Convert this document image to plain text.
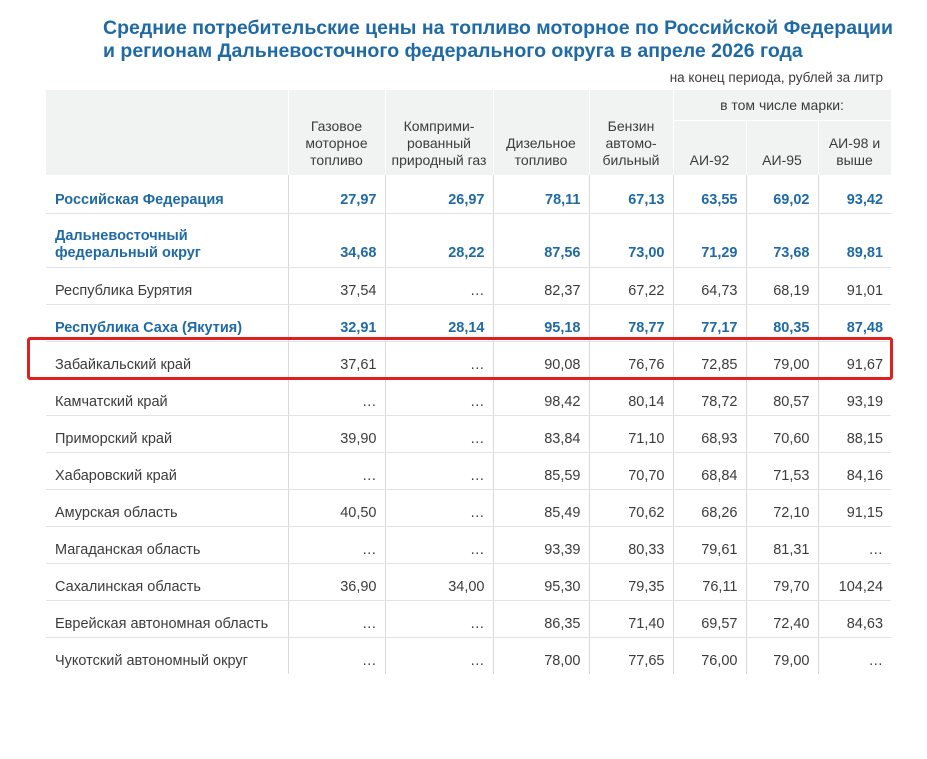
Средние потребительские цены на топливо моторное по Российской Федерации
и регионам Дальневосточного федерального округа в апреле 2026 года
на конец периода, рублей за литр
	Газовое моторное топливо	Комприми-рованный природный газ	Дизельное топливо	Бензин автомо-бильный	в том числе марки:		
					АИ-92	АИ-95	АИ-98 и выше
Российская Федерация	27,97	26,97	78,11	67,13	63,55	69,02	93,42
Дальневосточный федеральный округ	34,68	28,22	87,56	73,00	71,29	73,68	89,81
Республика Бурятия	37,54	…	82,37	67,22	64,73	68,19	91,01
Республика Саха (Якутия)	32,91	28,14	95,18	78,77	77,17	80,35	87,48
Забайкальский край	37,61	…	90,08	76,76	72,85	79,00	91,67
Камчатский край	…	…	98,42	80,14	78,72	80,57	93,19
Приморский край	39,90	…	83,84	71,10	68,93	70,60	88,15
Хабаровский край	…	…	85,59	70,70	68,84	71,53	84,16
Амурская область	40,50	…	85,49	70,62	68,26	72,10	91,15
Магаданская область	…	…	93,39	80,33	79,61	81,31	…
Сахалинская область	36,90	34,00	95,30	79,35	76,11	79,70	104,24
Еврейская автономная область	…	…	86,35	71,40	69,57	72,40	84,63
Чукотский автономный округ	…	…	78,00	77,65	76,00	79,00	…
